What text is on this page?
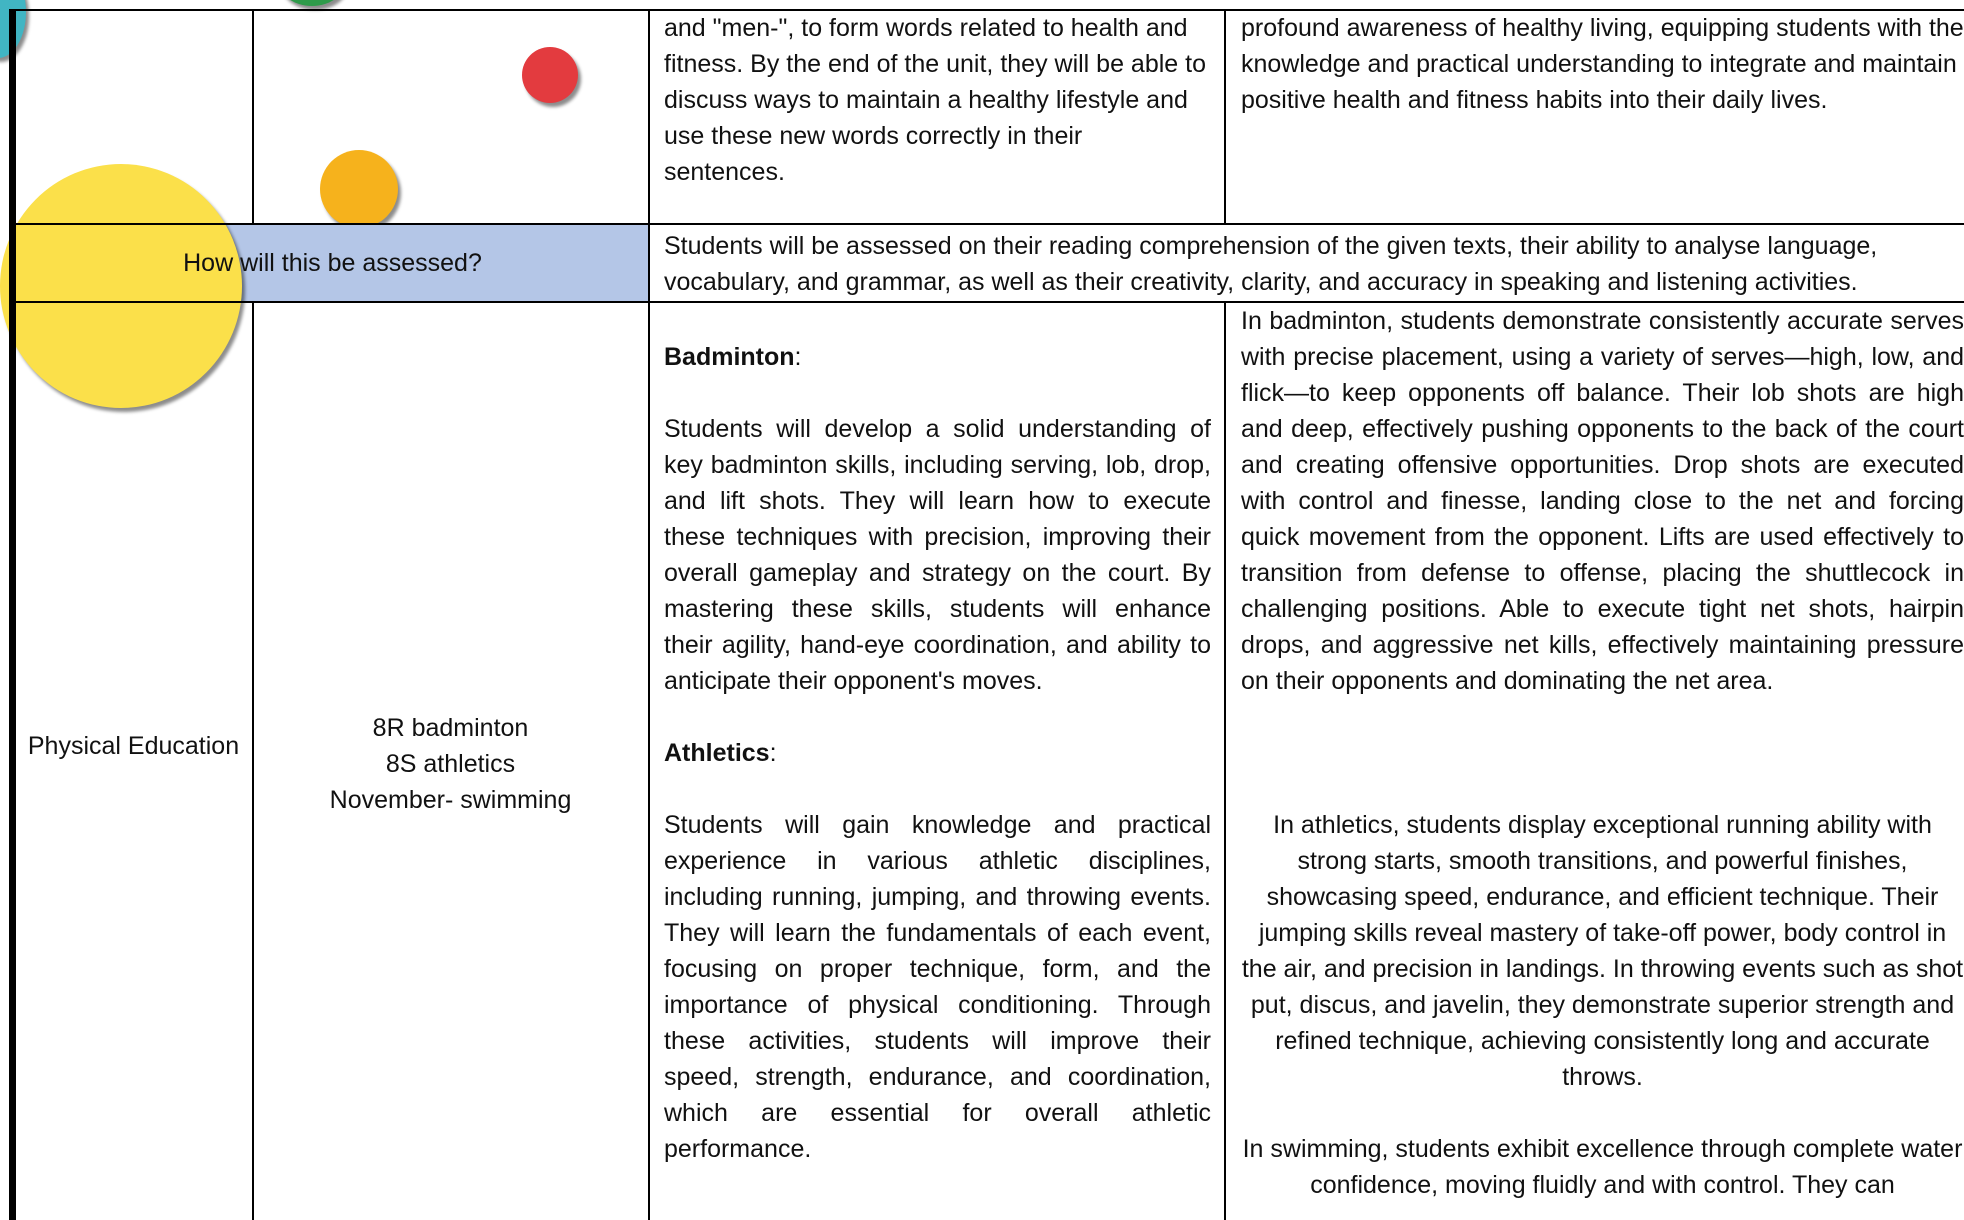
and "men-", to form words related to health and fitness. By the end of the unit, they will be able to discuss ways to maintain a healthy lifestyle and use these new words correctly in their sentences.
profound awareness of healthy living, equipping students with the knowledge and practical understanding to integrate and maintain positive health and fitness habits into their daily lives.
How will this be assessed?
Students will be assessed on their reading comprehension of the given texts, their ability to analyse language, vocabulary, and grammar, as well as their creativity, clarity, and accuracy in speaking and listening activities.
Physical Education
8R badminton
8S athletics
November- swimming

Badminton:

Students will develop a solid understanding of key badminton skills, including serving, lob, drop, and lift shots. They will learn how to execute these techniques with precision, improving their overall gameplay and strategy on the court. By mastering these skills, students will enhance their agility, hand-eye coordination, and ability to anticipate their opponent's moves.

Athletics:

Students will gain knowledge and practical experience in various athletic disciplines, including running, jumping, and throwing events. They will learn the fundamentals of each event, focusing on proper technique, form, and the importance of physical conditioning. Through these activities, students will improve their speed, strength, endurance, and coordination, which are essential for overall athletic performance.

In badminton, students demonstrate consistently accurate serves with precise placement, using a variety of serves—high, low, and flick—to keep opponents off balance. Their lob shots are high and deep, effectively pushing opponents to the back of the court and creating offensive opportunities. Drop shots are executed with control and finesse, landing close to the net and forcing quick movement from the opponent. Lifts are used effectively to transition from defense to offense, placing the shuttlecock in challenging positions. Able to execute tight net shots, hairpin drops, and aggressive net kills, effectively maintaining pressure on their opponents and dominating the net area.

In athletics, students display exceptional running ability with strong starts, smooth transitions, and powerful finishes, showcasing speed, endurance, and efficient technique. Their jumping skills reveal mastery of take-off power, body control in the air, and precision in landings. In throwing events such as shot put, discus, and javelin, they demonstrate superior strength and refined technique, achieving consistently long and accurate throws.

In swimming, students exhibit excellence through complete water confidence, moving fluidly and with control. They can
